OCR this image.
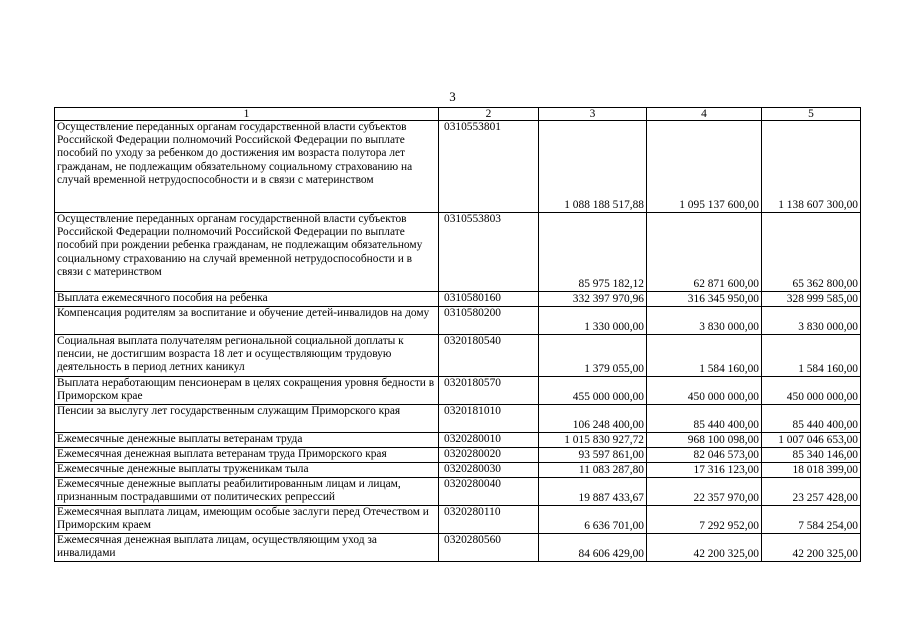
3
1	2	3	4	5
Осуществление переданных органам государственной власти субъектов Российской Федерации полномочий Российской Федерации по выплате пособий по уходу за ребенком до достижения им возраста полутора лет гражданам, не подлежащим обязательному социальному страхованию на случай временной нетрудоспособности и в связи с материнством	0310553801	1 088 188 517,88	1 095 137 600,00	1 138 607 300,00
Осуществление переданных органам государственной власти субъектов Российской Федерации полномочий Российской Федерации по выплате пособий при рождении ребенка гражданам, не подлежащим обязательному социальному страхованию на случай временной нетрудоспособности и в связи с материнством	0310553803	85 975 182,12	62 871 600,00	65 362 800,00
Выплата ежемесячного пособия на ребенка	0310580160	332 397 970,96	316 345 950,00	328 999 585,00
Компенсация родителям за воспитание и обучение детей-инвалидов на дому	0310580200	1 330 000,00	3 830 000,00	3 830 000,00
Социальная выплата получателям региональной социальной доплаты к пенсии, не достигшим возраста 18 лет и осуществляющим трудовую деятельность в период летних каникул	0320180540	1 379 055,00	1 584 160,00	1 584 160,00
Выплата неработающим пенсионерам в целях сокращения уровня бедности в Приморском крае	0320180570	455 000 000,00	450 000 000,00	450 000 000,00
Пенсии за выслугу лет государственным служащим Приморского края	0320181010	106 248 400,00	85 440 400,00	85 440 400,00
Ежемесячные денежные выплаты ветеранам труда	0320280010	1 015 830 927,72	968 100 098,00	1 007 046 653,00
Ежемесячная денежная выплата ветеранам труда Приморского края	0320280020	93 597 861,00	82 046 573,00	85 340 146,00
Ежемесячные денежные выплаты труженикам тыла	0320280030	11 083 287,80	17 316 123,00	18 018 399,00
Ежемесячные денежные выплаты реабилитированным лицам и лицам, признанным пострадавшими от политических репрессий	0320280040	19 887 433,67	22 357 970,00	23 257 428,00
Ежемесячная выплата лицам, имеющим особые заслуги перед Отечеством и Приморским краем	0320280110	6 636 701,00	7 292 952,00	7 584 254,00
Ежемесячная денежная выплата лицам, осуществляющим уход за инвалидами	0320280560	84 606 429,00	42 200 325,00	42 200 325,00
